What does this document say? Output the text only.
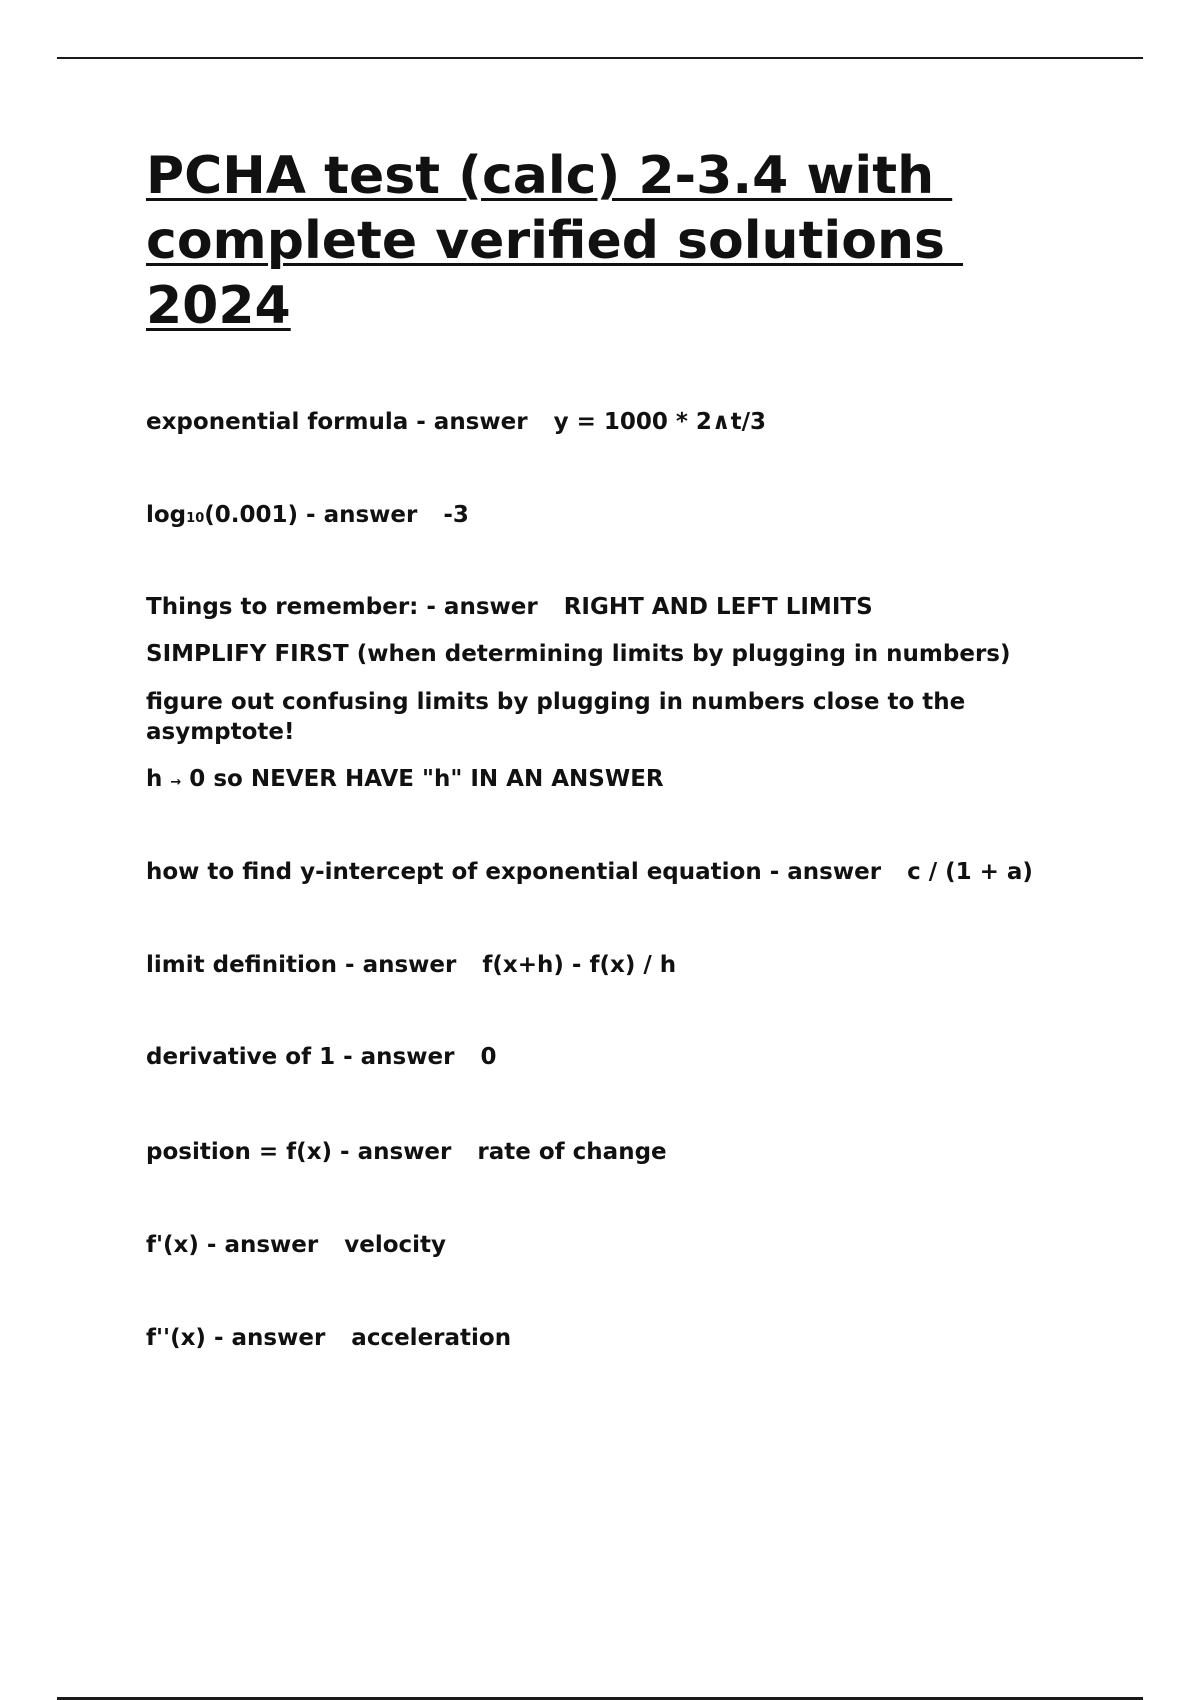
PCHA test (calc) 2-3.4 with
complete verified solutions
2024

exponential formula - answer y = 1000 * 2∧t/3

log10(0.001) - answer -3

Things to remember: - answer RIGHT AND LEFT LIMITS

SIMPLIFY FIRST (when determining limits by plugging in numbers)

figure out confusing limits by plugging in numbers close to the asymptote!

h → 0 so NEVER HAVE "h" IN AN ANSWER

how to find y-intercept of exponential equation - answer c / (1 + a)

limit definition - answer f(x+h) - f(x) / h

derivative of 1 - answer 0

position = f(x) - answer rate of change

f'(x) - answer velocity

f''(x) - answer acceleration
